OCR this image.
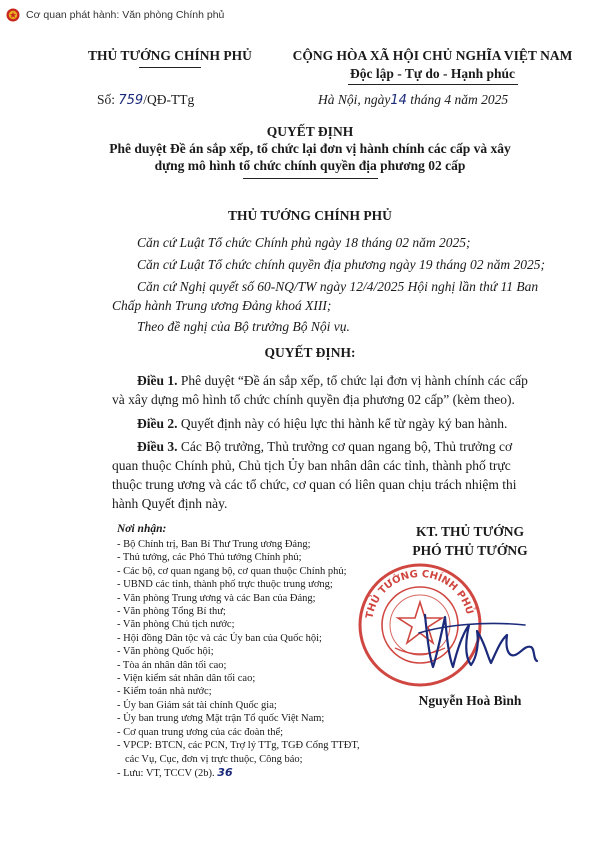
Cơ quan phát hành: Văn phòng Chính phủ
THỦ TƯỚNG CHÍNH PHỦ	CỘNG HÒA XÃ HỘI CHỦ NGHĨA VIỆT NAM
Độc lập - Tự do - Hạnh phúc
Số: 759/QĐ-TTg	Hà Nội, ngày14 tháng 4 năm 2025
QUYẾT ĐỊNH
Phê duyệt Đề án sắp xếp, tổ chức lại đơn vị hành chính các cấp và xây
dựng mô hình tổ chức chính quyền địa phương 02 cấp
THỦ TƯỚNG CHÍNH PHỦ
Căn cứ Luật Tổ chức Chính phủ ngày 18 tháng 02 năm 2025;
Căn cứ Luật Tổ chức chính quyền địa phương ngày 19 tháng 02 năm 2025;
Căn cứ Nghị quyết số 60-NQ/TW ngày 12/4/2025 Hội nghị lần thứ 11 Ban
Chấp hành Trung ương Đảng khoá XIII;
Theo đề nghị của Bộ trưởng Bộ Nội vụ.
QUYẾT ĐỊNH:
Điều 1. Phê duyệt “Đề án sắp xếp, tổ chức lại đơn vị hành chính các cấp
và xây dựng mô hình tổ chức chính quyền địa phương 02 cấp” (kèm theo).
Điều 2. Quyết định này có hiệu lực thi hành kể từ ngày ký ban hành.
Điều 3. Các Bộ trưởng, Thủ trưởng cơ quan ngang bộ, Thủ trưởng cơ
quan thuộc Chính phủ, Chủ tịch Ủy ban nhân dân các tỉnh, thành phố trực
thuộc trung ương và các tổ chức, cơ quan có liên quan chịu trách nhiệm thi
hành Quyết định này.
Nơi nhận:
- Bộ Chính trị, Ban Bí Thư Trung ương Đảng;
- Thủ tướng, các Phó Thủ tướng Chính phủ;
- Các bộ, cơ quan ngang bộ, cơ quan thuộc Chính phủ;
- UBND các tỉnh, thành phố trực thuộc trung ương;
- Văn phòng Trung ương và các Ban của Đảng;
- Văn phòng Tổng Bí thư;
- Văn phòng Chủ tịch nước;
- Hội đồng Dân tộc và các Ủy ban của Quốc hội;
- Văn phòng Quốc hội;
- Tòa án nhân dân tối cao;
- Viện kiểm sát nhân dân tối cao;
- Kiểm toán nhà nước;
- Ủy ban Giám sát tài chính Quốc gia;
- Ủy ban trung ương Mặt trận Tổ quốc Việt Nam;
- Cơ quan trung ương của các đoàn thể;
- VPCP: BTCN, các PCN, Trợ lý TTg, TGĐ Cổng TTĐT,
các Vụ, Cục, đơn vị trực thuộc, Công báo;
- Lưu: VT, TCCV (2b). 36
KT. THỦ TƯỚNG
PHÓ THỦ TƯỚNG
THỦ TƯỚNG CHÍNH PHỦ
Nguyễn Hoà Bình
